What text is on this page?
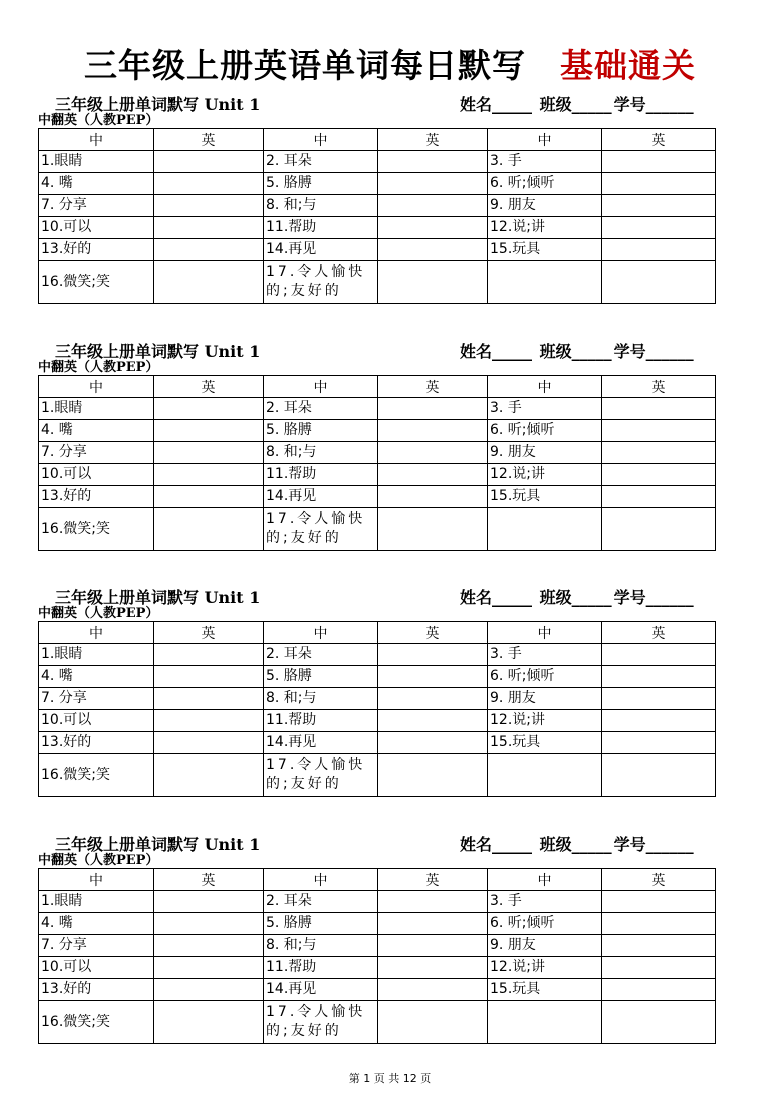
三年级上册英语单词每日默写 基础通关
三年级上册单词默写 Unit 1	姓名_____ 班级_____ 学号______
中翻英（人教PEP）
中	英	中	英	中	英
1.眼睛		2. 耳朵		3. 手	
4. 嘴		5. 胳膊		6. 听;倾听	
7. 分享		8. 和;与		9. 朋友	
10.可以		11.帮助		12.说;讲	
13.好的		14.再见		15.玩具	
16.微笑;笑		17.令人愉快的;友好的			
三年级上册单词默写 Unit 1	姓名_____ 班级_____ 学号______
中翻英（人教PEP）
中	英	中	英	中	英
1.眼睛		2. 耳朵		3. 手	
4. 嘴		5. 胳膊		6. 听;倾听	
7. 分享		8. 和;与		9. 朋友	
10.可以		11.帮助		12.说;讲	
13.好的		14.再见		15.玩具	
16.微笑;笑		17.令人愉快的;友好的			
三年级上册单词默写 Unit 1	姓名_____ 班级_____ 学号______
中翻英（人教PEP）
中	英	中	英	中	英
1.眼睛		2. 耳朵		3. 手	
4. 嘴		5. 胳膊		6. 听;倾听	
7. 分享		8. 和;与		9. 朋友	
10.可以		11.帮助		12.说;讲	
13.好的		14.再见		15.玩具	
16.微笑;笑		17.令人愉快的;友好的			
三年级上册单词默写 Unit 1	姓名_____ 班级_____ 学号______
中翻英（人教PEP）
中	英	中	英	中	英
1.眼睛		2. 耳朵		3. 手	
4. 嘴		5. 胳膊		6. 听;倾听	
7. 分享		8. 和;与		9. 朋友	
10.可以		11.帮助		12.说;讲	
13.好的		14.再见		15.玩具	
16.微笑;笑		17.令人愉快的;友好的			
第 1 页 共 12 页
